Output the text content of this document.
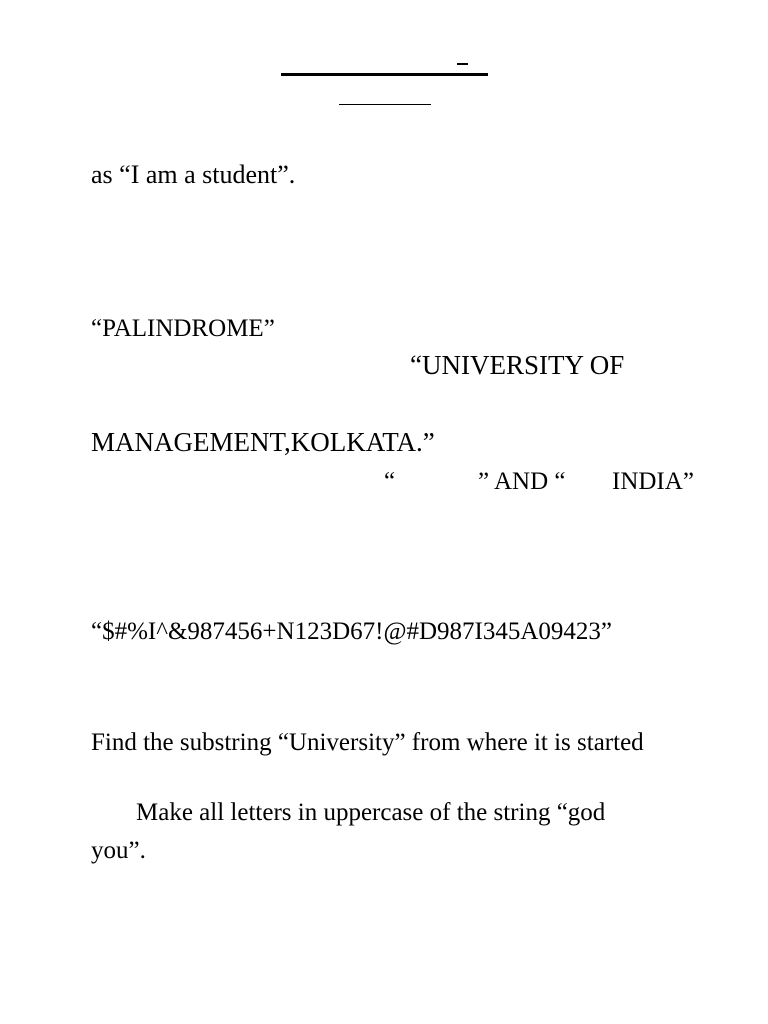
as “I am a student”.
“PALINDROME”
“UNIVERSITY OF
MANAGEMENT,KOLKATA.”
“	” AND “ INDIA”
“$#%I^&987456+N123D67!@#D987I345A09423”
Find the substring “University” from where it is started
Make all letters in uppercase of the string “god
you”.
